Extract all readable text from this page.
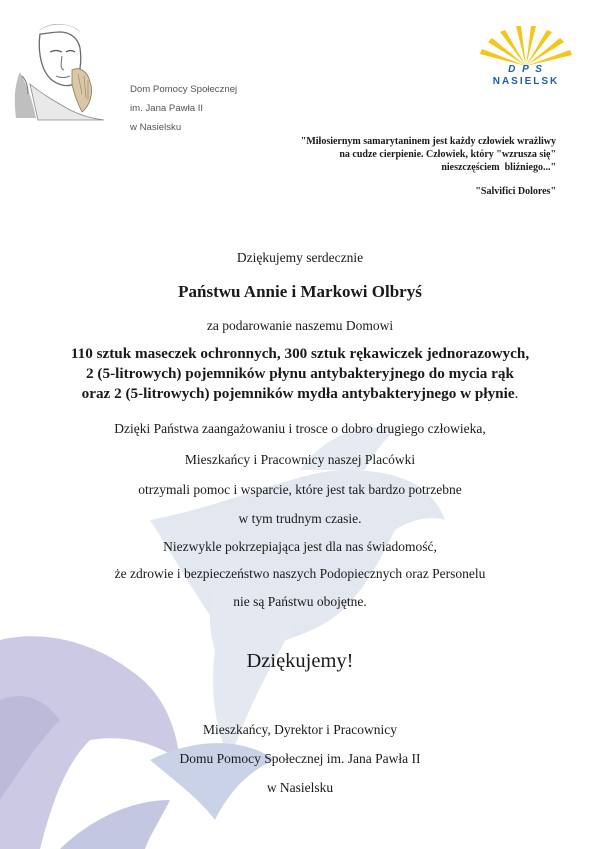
Dom Pomocy Społecznej
im. Jana Pawła II
w Nasielsku
D P S
NASIELSK
"Miłosiernym samarytaninem jest każdy człowiek wrażliwy
na cudze cierpienie. Człowiek, który "wzrusza się"
nieszczęściem  bliźniego..."
"Salvifici Dolores"
Dziękujemy serdecznie
Państwu Annie i Markowi Olbryś
za podarowanie naszemu Domowi
110 sztuk maseczek ochronnych, 300 sztuk rękawiczek jednorazowych,
2 (5-litrowych) pojemników płynu antybakteryjnego do mycia rąk
oraz 2 (5-litrowych) pojemników mydła antybakteryjnego w płynie.
Dzięki Państwa zaangażowaniu i trosce o dobro drugiego człowieka,
Mieszkańcy i Pracownicy naszej Placówki
otrzymali pomoc i wsparcie, które jest tak bardzo potrzebne
w tym trudnym czasie.
Niezwykle pokrzepiająca jest dla nas świadomość,
że zdrowie i bezpieczeństwo naszych Podopiecznych oraz Personelu
nie są Państwu obojętne.
Dziękujemy!
Mieszkańcy, Dyrektor i Pracownicy
Domu Pomocy Społecznej im. Jana Pawła II
w Nasielsku
